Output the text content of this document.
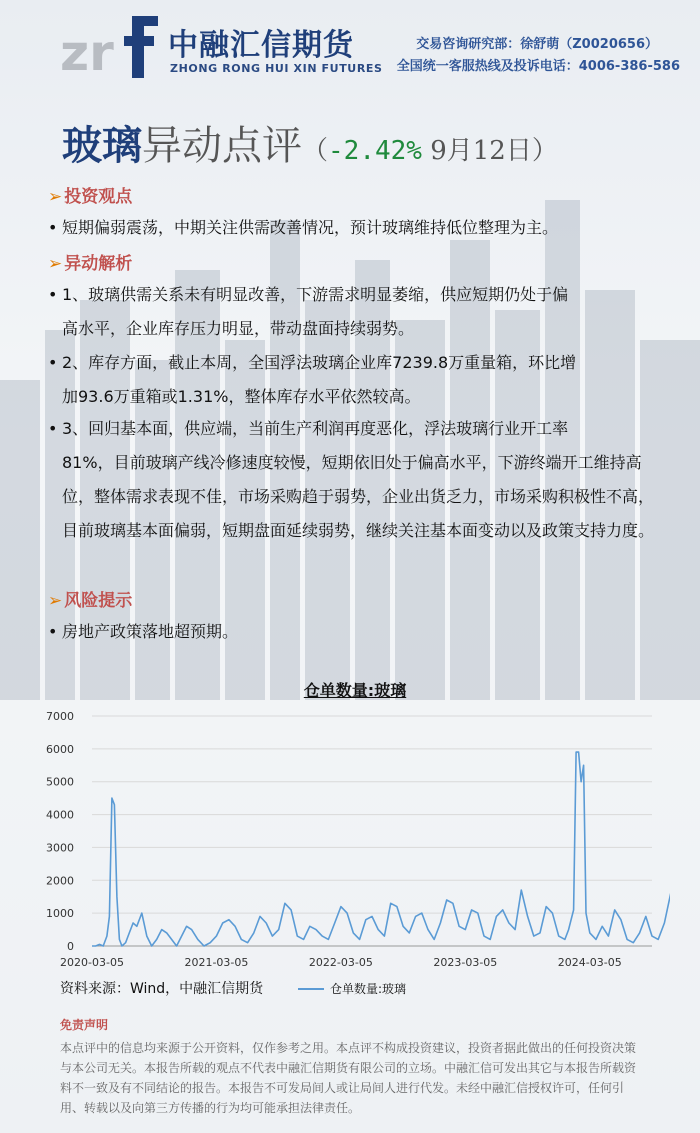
zr 中融汇信期货
ZHONG RONG HUI XIN FUTURES
交易咨询研究部：徐舒萌（Z0020656）
全国统一客服热线及投诉电话：4006-386-586
玻璃异动点评（-2.42% 9月12日）
➢ 投资观点
• 短期偏弱震荡，中期关注供需改善情况，预计玻璃维持低位整理为主。
➢ 异动解析
• 1、玻璃供需关系未有明显改善，下游需求明显萎缩，供应短期仍处于偏
高水平，企业库存压力明显，带动盘面持续弱势。
• 2、库存方面，截止本周，全国浮法玻璃企业库7239.8万重量箱，环比增
加93.6万重箱或1.31%，整体库存水平依然较高。
• 3、回归基本面，供应端，当前生产利润再度恶化，浮法玻璃行业开工率
81%，目前玻璃产线冷修速度较慢，短期依旧处于偏高水平，下游终端开工维持高位，整体需求表现不佳，市场采购趋于弱势，企业出货乏力，市场采购积极性不高，目前玻璃基本面偏弱，短期盘面延续弱势，继续关注基本面变动以及政策支持力度。
➢ 风险提示
• 房地产政策落地超预期。
仓单数量:玻璃
0
1000
2000
3000
4000
5000
6000
7000
2020-03-05	2021-03-05	2022-03-05	2023-03-05	2024-03-05
资料来源：Wind，中融汇信期货	仓单数量:玻璃
免责声明
本点评中的信息均来源于公开资料，仅作参考之用。本点评不构成投资建议，投资者据此做出的任何投资决策与本公司无关。本报告所载的观点不代表中融汇信期货有限公司的立场。中融汇信可发出其它与本报告所载资料不一致及有不同结论的报告。本报告不可发局间人或让局间人进行代发。未经中融汇信授权许可，任何引用、转载以及向第三方传播的行为均可能承担法律责任。
